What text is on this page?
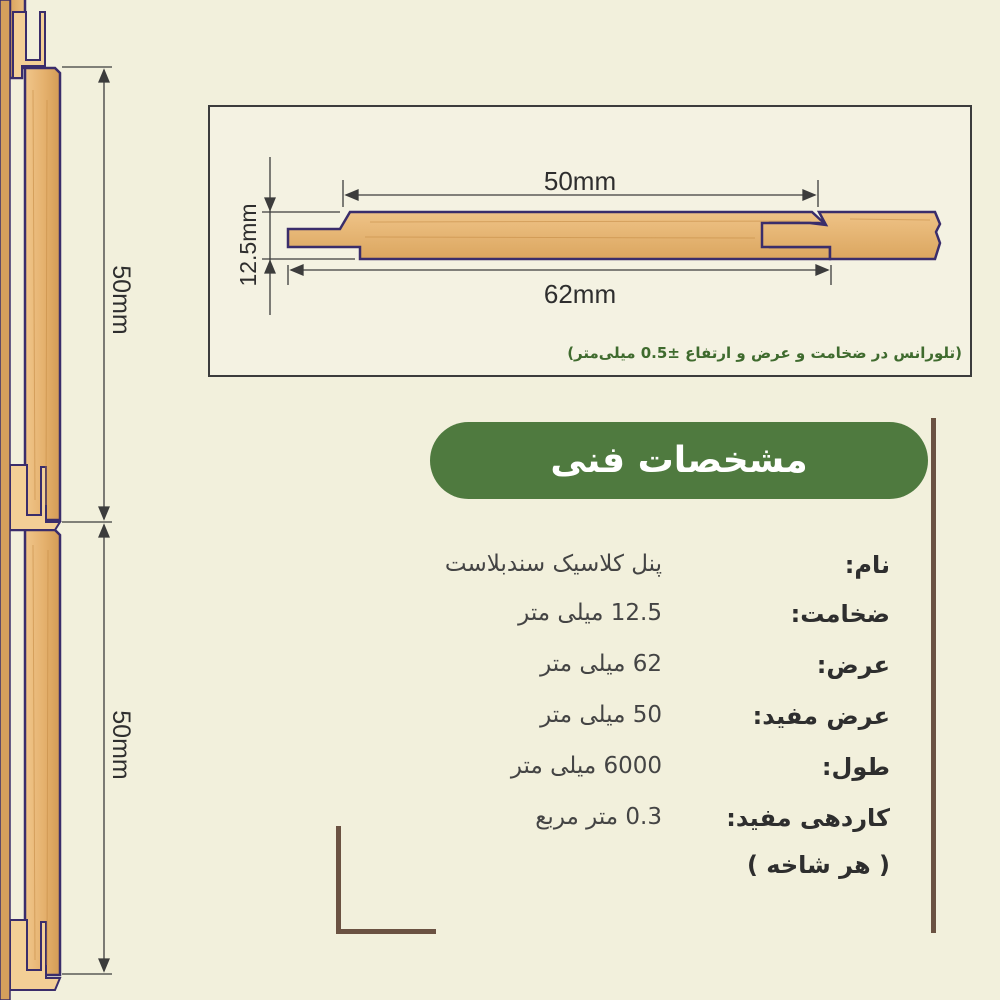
50mm
50mm
50mm
62mm
12.5mm
(تلورانس در ضخامت و عرض و ارتفاع ±0.5 میلی‌متر)
مشخصات فنی
نام:
پنل کلاسیک سندبلاست
ضخامت:
12.5 میلی متر
عرض:
62 میلی متر
عرض مفید:
50 میلی متر
طول:
6000 میلی متر
کاردهی مفید:
0.3 متر مربع
( هر شاخه )
